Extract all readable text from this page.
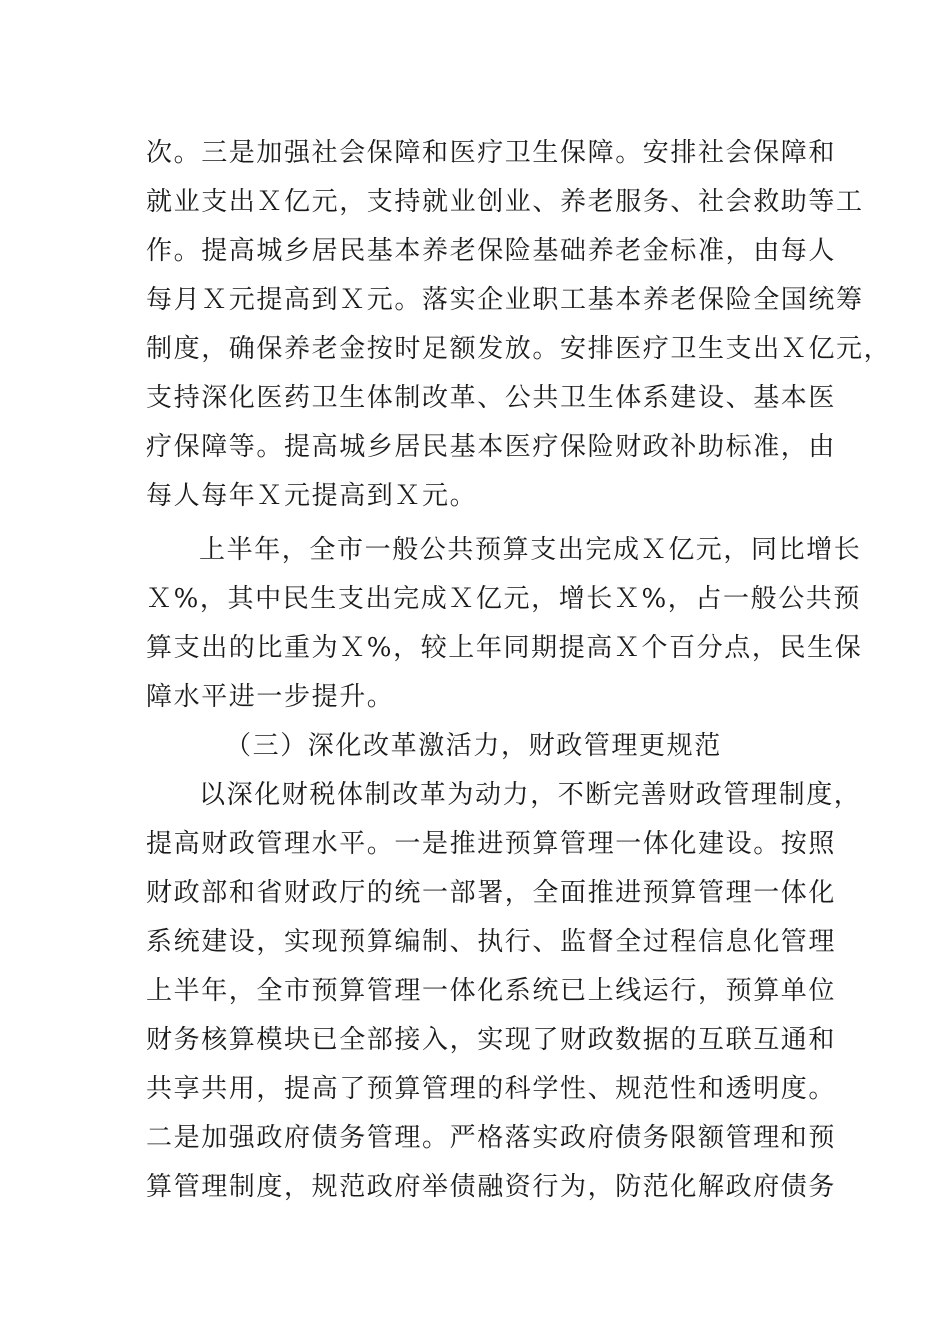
次。三是加强社会保障和医疗卫生保障。安排社会保障和
就业支出Ｘ亿元，支持就业创业、养老服务、社会救助等工
作。提高城乡居民基本养老保险基础养老金标准，由每人
每月Ｘ元提高到Ｘ元。落实企业职工基本养老保险全国统筹
制度，确保养老金按时足额发放。安排医疗卫生支出Ｘ亿元，
支持深化医药卫生体制改革、公共卫生体系建设、基本医
疗保障等。提高城乡居民基本医疗保险财政补助标准，由
每人每年Ｘ元提高到Ｘ元。
上半年，全市一般公共预算支出完成Ｘ亿元，同比增长
Ｘ%，其中民生支出完成Ｘ亿元，增长Ｘ%，占一般公共预
算支出的比重为Ｘ%，较上年同期提高Ｘ个百分点，民生保
障水平进一步提升。
（三）深化改革激活力，财政管理更规范
以深化财税体制改革为动力，不断完善财政管理制度，
提高财政管理水平。一是推进预算管理一体化建设。按照
财政部和省财政厅的统一部署，全面推进预算管理一体化
系统建设，实现预算编制、执行、监督全过程信息化管理
上半年，全市预算管理一体化系统已上线运行，预算单位
财务核算模块已全部接入，实现了财政数据的互联互通和
共享共用，提高了预算管理的科学性、规范性和透明度。
二是加强政府债务管理。严格落实政府债务限额管理和预
算管理制度，规范政府举债融资行为，防范化解政府债务
